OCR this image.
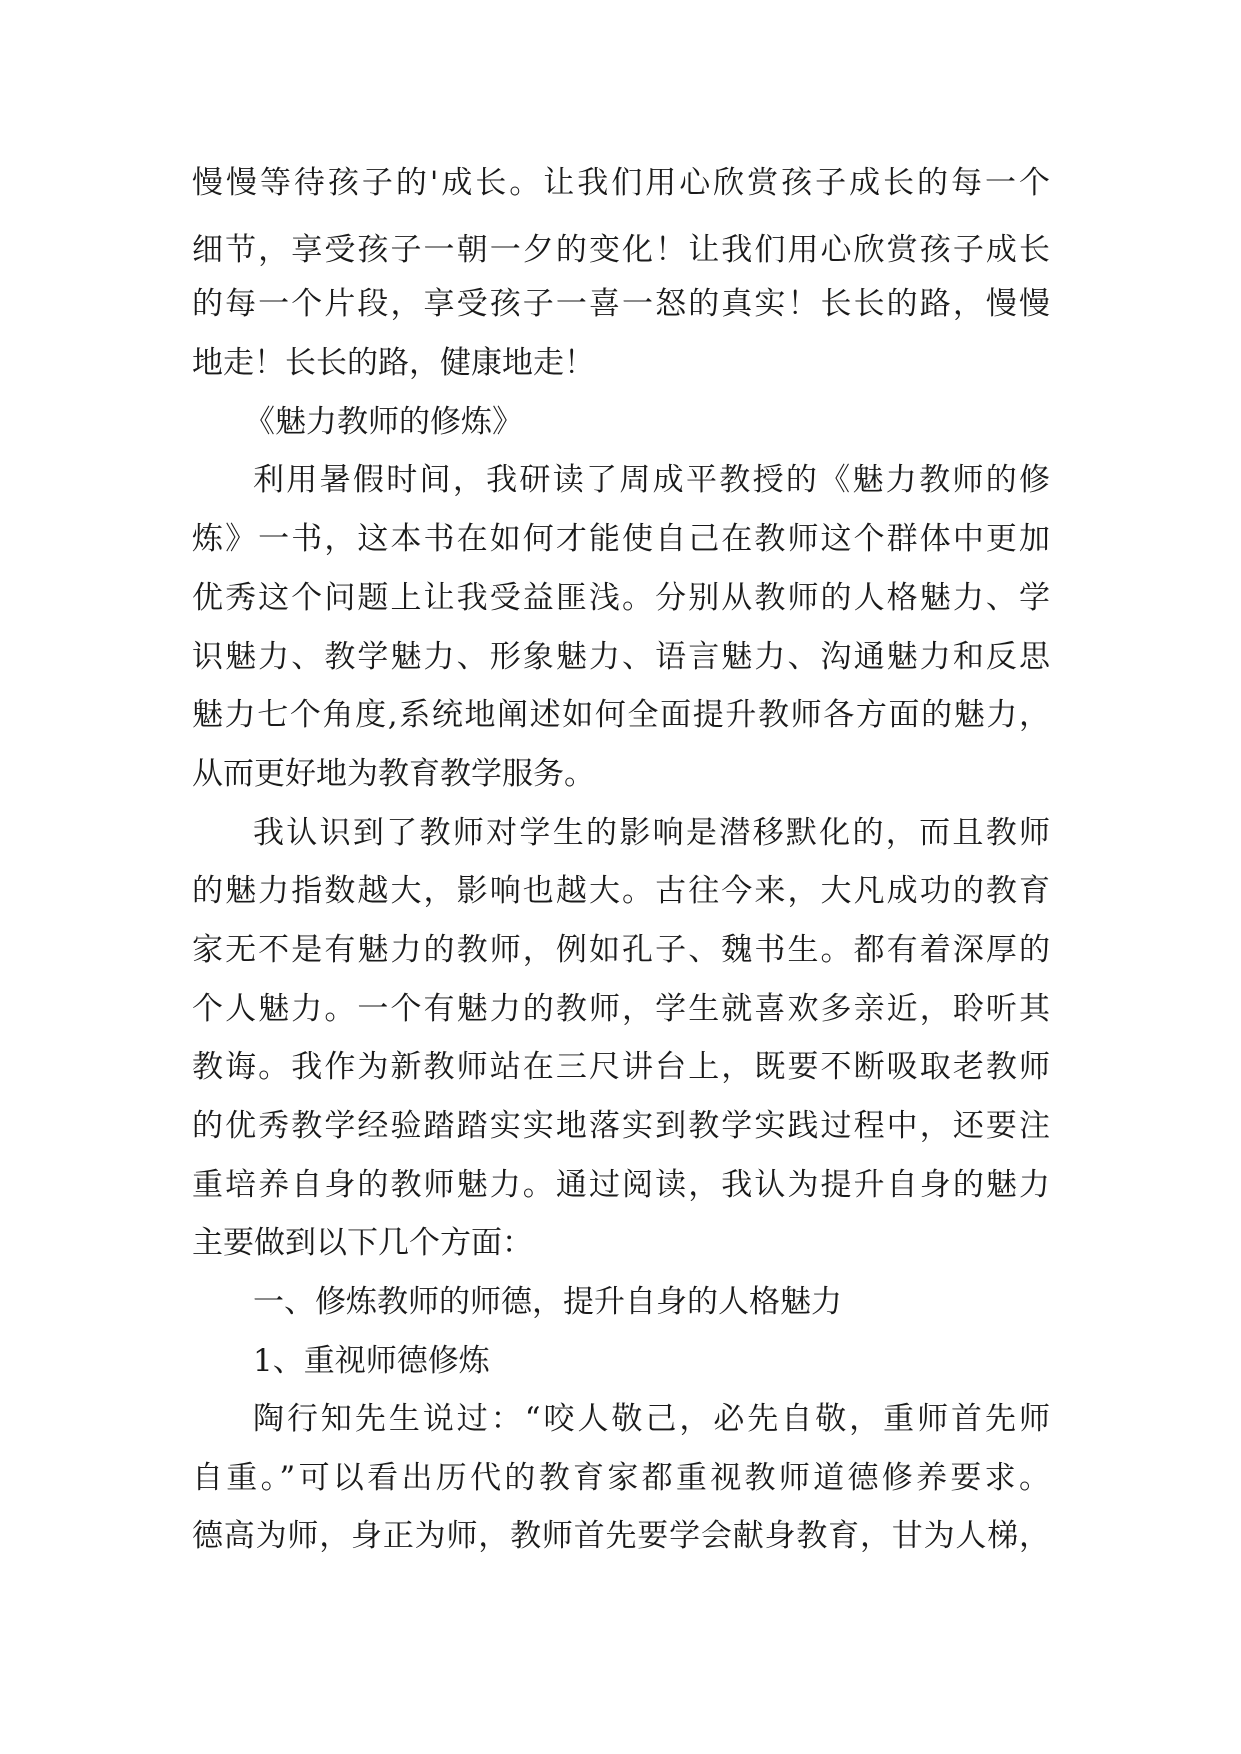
慢慢等待孩子的'成长。让我们用心欣赏孩子成长的每一个

细节，享受孩子一朝一夕的变化！让我们用心欣赏孩子成长

的每一个片段，享受孩子一喜一怒的真实！长长的路，慢慢

地走！长长的路，健康地走！

《魅力教师的修炼》

利用暑假时间，我研读了周成平教授的《魅力教师的修

炼》一书，这本书在如何才能使自己在教师这个群体中更加

优秀这个问题上让我受益匪浅。分别从教师的人格魅力、学

识魅力、教学魅力、形象魅力、语言魅力、沟通魅力和反思

魅力七个角度,系统地阐述如何全面提升教师各方面的魅力，

从而更好地为教育教学服务。

我认识到了教师对学生的影响是潜移默化的，而且教师

的魅力指数越大，影响也越大。古往今来，大凡成功的教育

家无不是有魅力的教师，例如孔子、魏书生。都有着深厚的

个人魅力。一个有魅力的教师，学生就喜欢多亲近，聆听其

教诲。我作为新教师站在三尺讲台上，既要不断吸取老教师

的优秀教学经验踏踏实实地落实到教学实践过程中，还要注

重培养自身的教师魅力。通过阅读，我认为提升自身的魅力

主要做到以下几个方面：

一、修炼教师的师德，提升自身的人格魅力

1、重视师德修炼

陶行知先生说过：“咬人敬己，必先自敬，重师首先师

自重。”可以看出历代的教育家都重视教师道德修养要求。

德高为师，身正为师，教师首先要学会献身教育，甘为人梯，
